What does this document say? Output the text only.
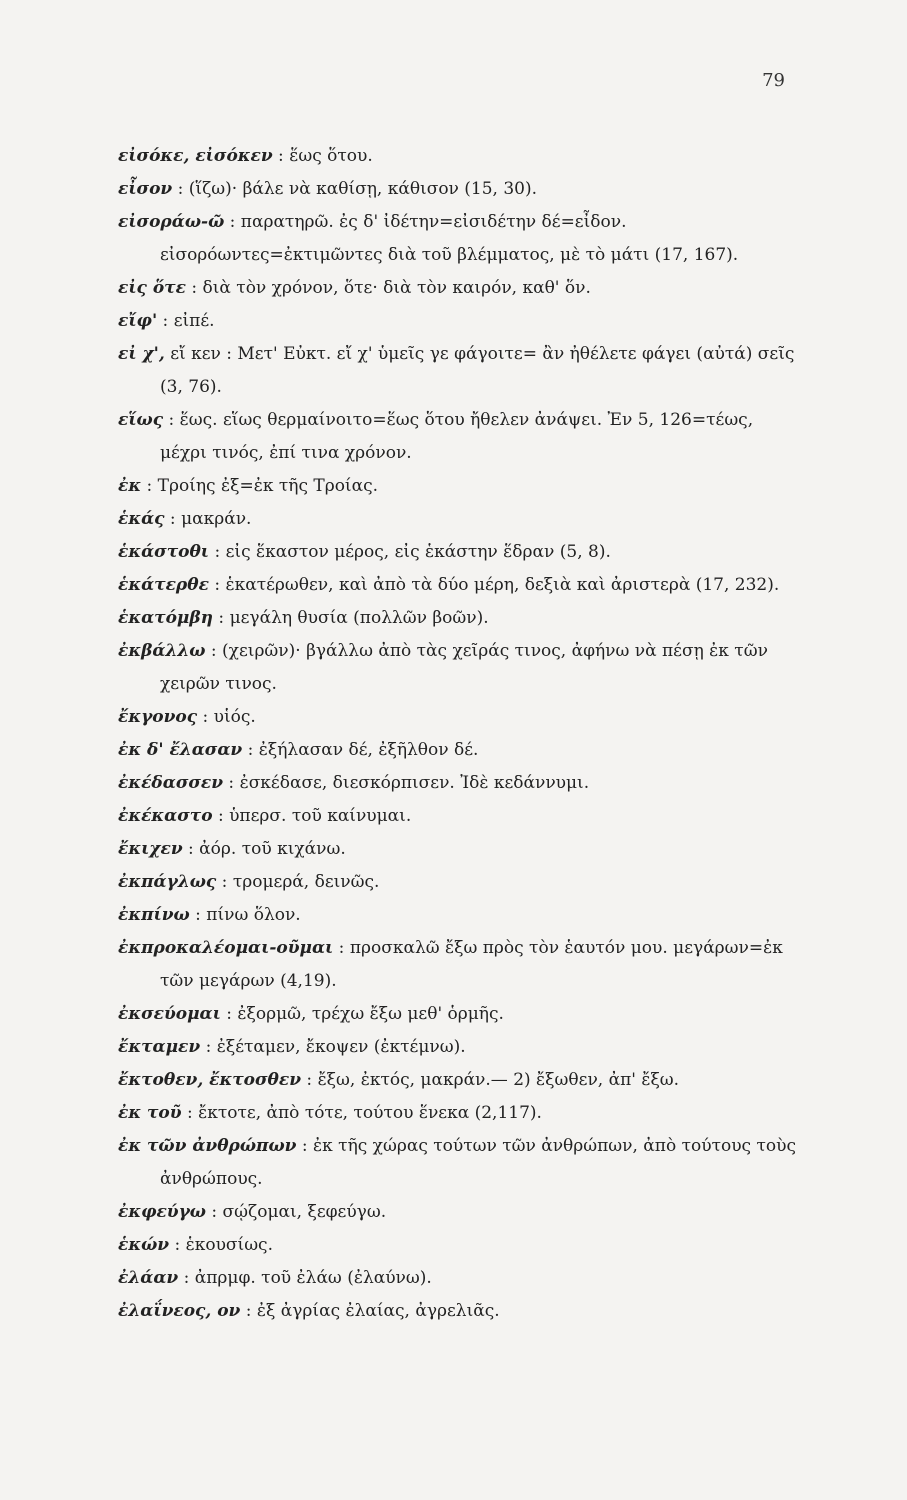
79
εἰσόκε, εἰσόκεν : ἕως ὅτου.
εἶσον : (ἵζω)· βάλε νὰ καθίσῃ, κάθισον (15, 30).
εἰσοράω-ῶ : παρατηρῶ. ἐς δ' ἰδέτην=εἰσιδέτην δέ=εἶδον. εἰσορόωντες=ἐκτιμῶντες διὰ τοῦ βλέμματος, μὲ τὸ μάτι (17, 167).
εἰς ὅτε : διὰ τὸν χρόνον, ὅτε· διὰ τὸν καιρόν, καθ' ὅν.
εἴφ' : εἰπέ.
εἰ χ', εἴ κεν : Μετ' Εὐκτ. εἴ χ' ὑμεῖς γε φάγοιτε= ἂν ἠθέλετε φάγει (αὐτά) σεῖς (3, 76).
εἵως : ἕως. εἵως θερμαίνοιτο=ἕως ὅτου ἤθελεν ἀνάψει. Ἐν 5, 126=τέως, μέχρι τινός, ἐπί τινα χρόνον.
ἐκ : Τροίης ἐξ=ἐκ τῆς Τροίας.
ἑκάς : μακράν.
ἑκάστοθι : εἰς ἕκαστον μέρος, εἰς ἑκάστην ἕδραν (5, 8).
ἑκάτερθε : ἑκατέρωθεν, καὶ ἀπὸ τὰ δύο μέρη, δεξιὰ καὶ ἀριστερὰ (17, 232).
ἑκατόμβη : μεγάλη θυσία (πολλῶν βοῶν).
ἐκβάλλω : (χειρῶν)· βγάλλω ἀπὸ τὰς χεῖράς τινος, ἀφήνω νὰ πέσῃ ἐκ τῶν χειρῶν τινος.
ἔκγονος : υἱός.
ἐκ δ' ἔλασαν : ἐξήλασαν δέ, ἐξῆλθον δέ.
ἐκέδασσεν : ἐσκέδασε, διεσκόρπισεν. Ἰδὲ κεδάννυμι.
ἐκέκαστο : ὑπερσ. τοῦ καίνυμαι.
ἔκιχεν : ἀόρ. τοῦ κιχάνω.
ἐκπάγλως : τρομερά, δεινῶς.
ἐκπίνω : πίνω ὅλον.
ἐκπροκαλέομαι-οῦμαι : προσκαλῶ ἔξω πρὸς τὸν ἑαυτόν μου. μεγάρων=ἐκ τῶν μεγάρων (4,19).
ἐκσεύομαι : ἐξορμῶ, τρέχω ἔξω μεθ' ὁρμῆς.
ἔκταμεν : ἐξέταμεν, ἔκοψεν (ἐκτέμνω).
ἔκτοθεν, ἔκτοσθεν : ἔξω, ἐκτός, μακράν.— 2) ἔξωθεν, ἀπ' ἔξω.
ἐκ τοῦ : ἔκτοτε, ἀπὸ τότε, τούτου ἕνεκα (2,117).
ἐκ τῶν ἀνθρώπων : ἐκ τῆς χώρας τούτων τῶν ἀνθρώπων, ἀπὸ τούτους τοὺς ἀνθρώπους.
ἐκφεύγω : σῴζομαι, ξεφεύγω.
ἑκών : ἑκουσίως.
ἐλάαν : ἀπρμφ. τοῦ ἐλάω (ἐλαύνω).
ἐλαΐνεος, ον : ἐξ ἀγρίας ἐλαίας, ἀγρελιᾶς.
